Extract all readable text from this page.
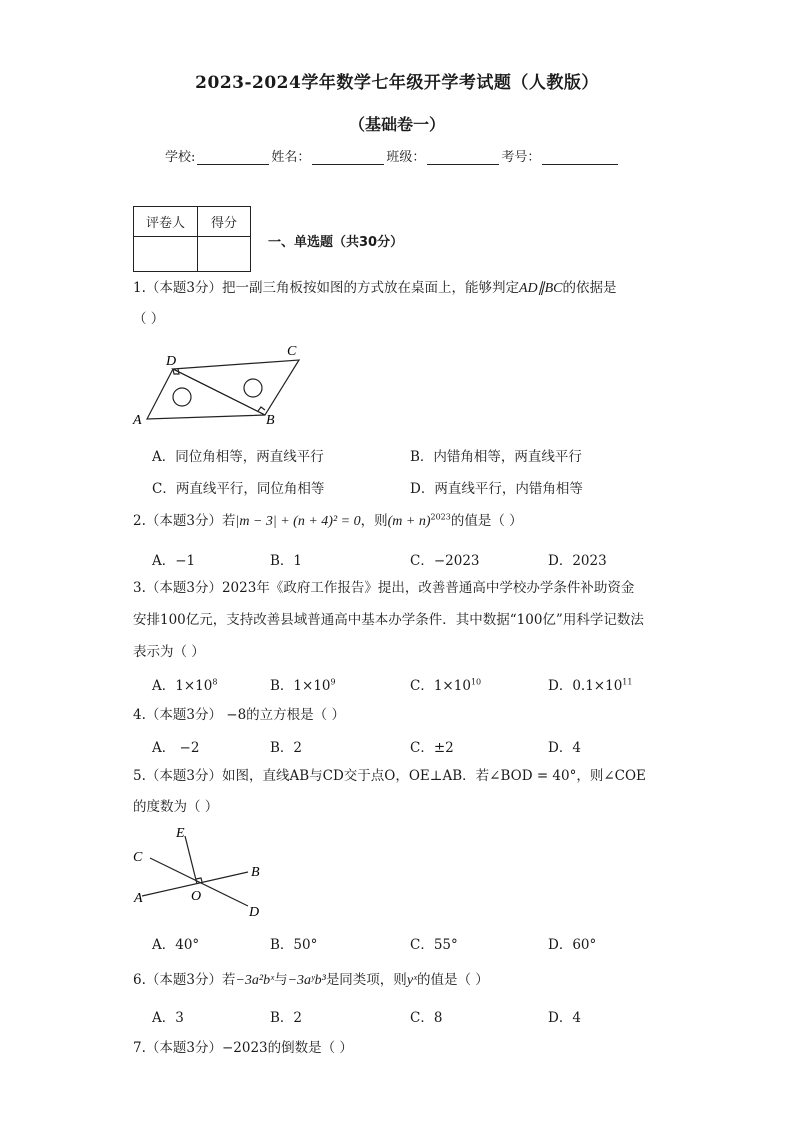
2023-2024学年数学七年级开学考试题（人教版）
（基础卷一）
学校:	姓名：	班级：	考号：
评卷人	得分

一、单选题（共30分）
1.（本题3分）把一副三角板按如图的方式放在桌面上，能够判定AD∥BC的依据是
（ ）
D
C
A	B
A．同位角相等，两直线平行	B．内错角相等，两直线平行
C．两直线平行，同位角相等	D．两直线平行，内错角相等
2.（本题3分）若|m − 3| + (n + 4)² = 0，则$(m + n)^{2023}$的值是（ ）
A．−1	B．1	C．−2023	D．2023
3.（本题3分）2023年《政府工作报告》提出，改善普通高中学校办学条件补助资金
安排100亿元，支持改善县域普通高中基本办学条件．其中数据“100亿”用科学记数法
表示为（ ）
A．$1\times 10^8$	B．$1\times 10^9$	C．$1\times 10^{10}$	D．$0.1\times 10^{11}$
4.（本题3分） −8的立方根是（ ）
A． −2	B．2	C．±2	D．4
5.（本题3分）如图，直线AB与CD交于点O，OE⊥AB．若∠BOD = 40°，则∠COE
的度数为（ ）
E
C
B
A	O
D
A．40°	B．50°	C．55°	D．60°
6.（本题3分）若−3a²bˣ与−3aʸb³是同类项，则yˣ的值是（ ）
A．3	B．2	C．8	D．4
7.（本题3分）−2023的倒数是（ ）
